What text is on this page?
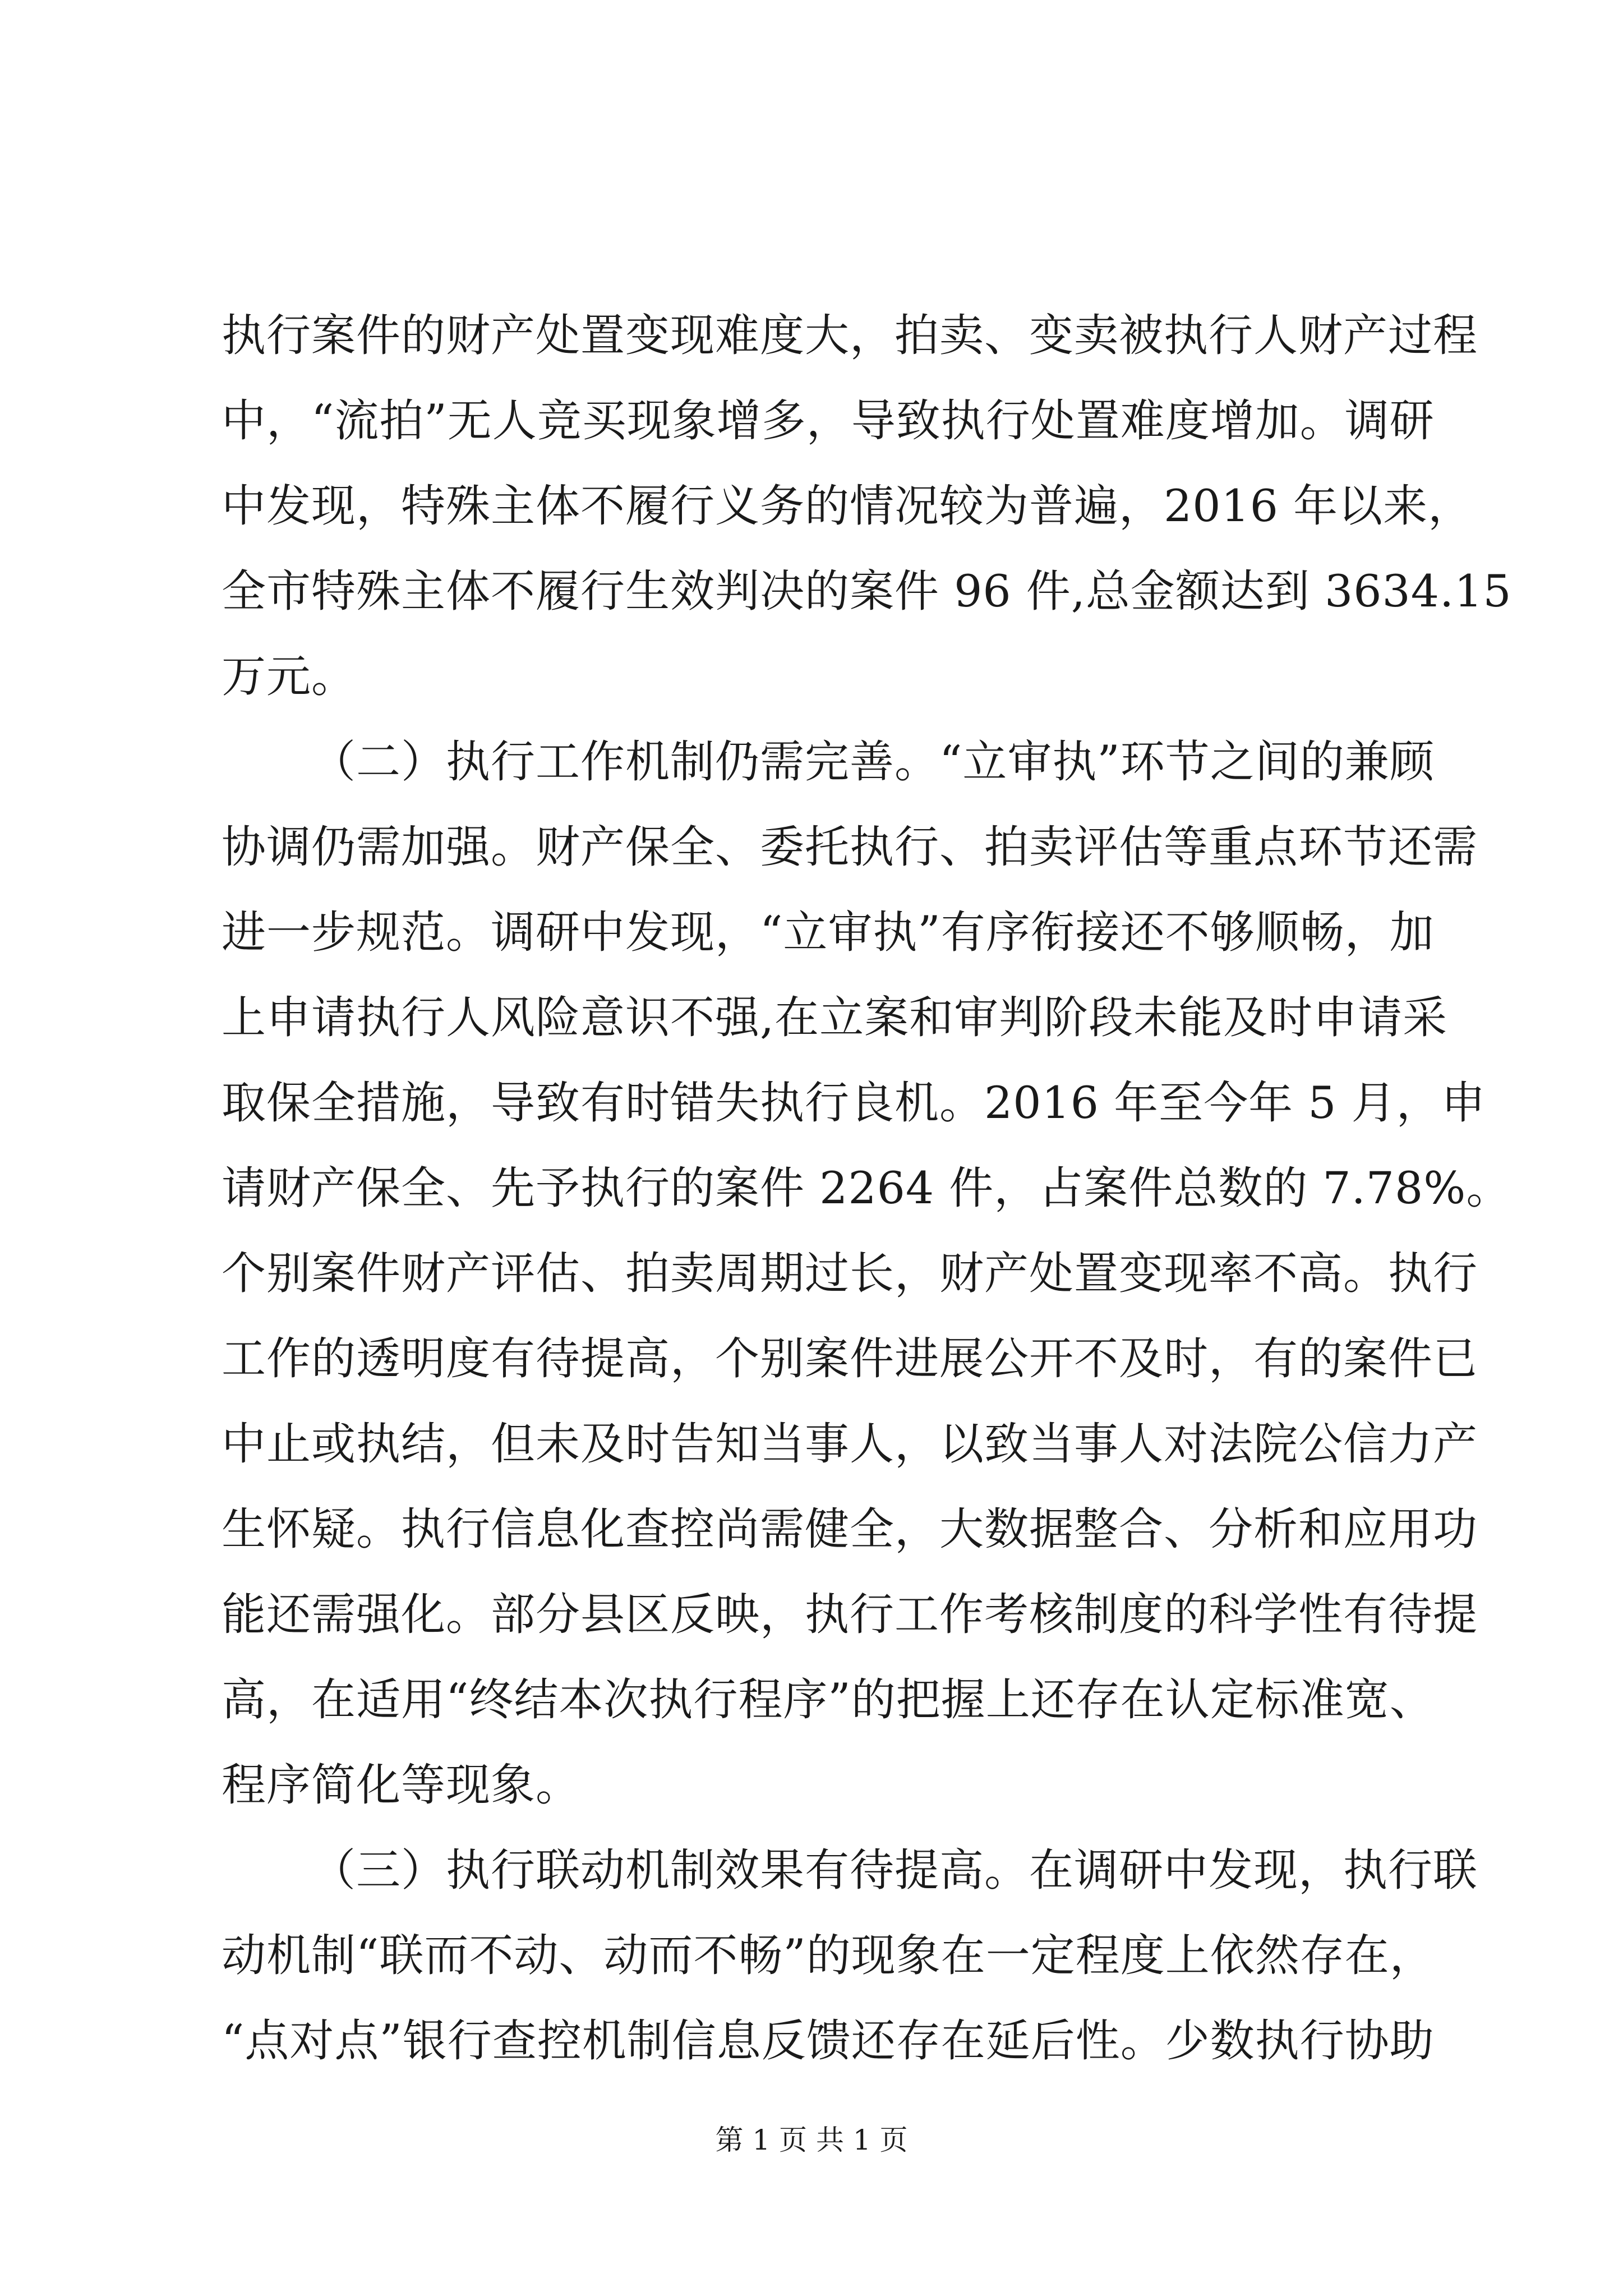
执行案件的财产处置变现难度大，拍卖、变卖被执行人财产过程
中，“流拍”无人竞买现象增多，导致执行处置难度增加。调研
中发现，特殊主体不履行义务的情况较为普遍，2016 年以来，
全市特殊主体不履行生效判决的案件 96 件,总金额达到 3634.15
万元。
（二）执行工作机制仍需完善。“立审执”环节之间的兼顾
协调仍需加强。财产保全、委托执行、拍卖评估等重点环节还需
进一步规范。调研中发现，“立审执”有序衔接还不够顺畅，加
上申请执行人风险意识不强,在立案和审判阶段未能及时申请采
取保全措施，导致有时错失执行良机。2016 年至今年 5 月，申
请财产保全、先予执行的案件 2264 件，占案件总数的 7.78%。
个别案件财产评估、拍卖周期过长，财产处置变现率不高。执行
工作的透明度有待提高，个别案件进展公开不及时，有的案件已
中止或执结，但未及时告知当事人，以致当事人对法院公信力产
生怀疑。执行信息化查控尚需健全，大数据整合、分析和应用功
能还需强化。部分县区反映，执行工作考核制度的科学性有待提
高，在适用“终结本次执行程序”的把握上还存在认定标准宽、
程序简化等现象。
（三）执行联动机制效果有待提高。在调研中发现，执行联
动机制“联而不动、动而不畅”的现象在一定程度上依然存在，
“点对点”银行查控机制信息反馈还存在延后性。少数执行协助
第 1 页 共 1 页
